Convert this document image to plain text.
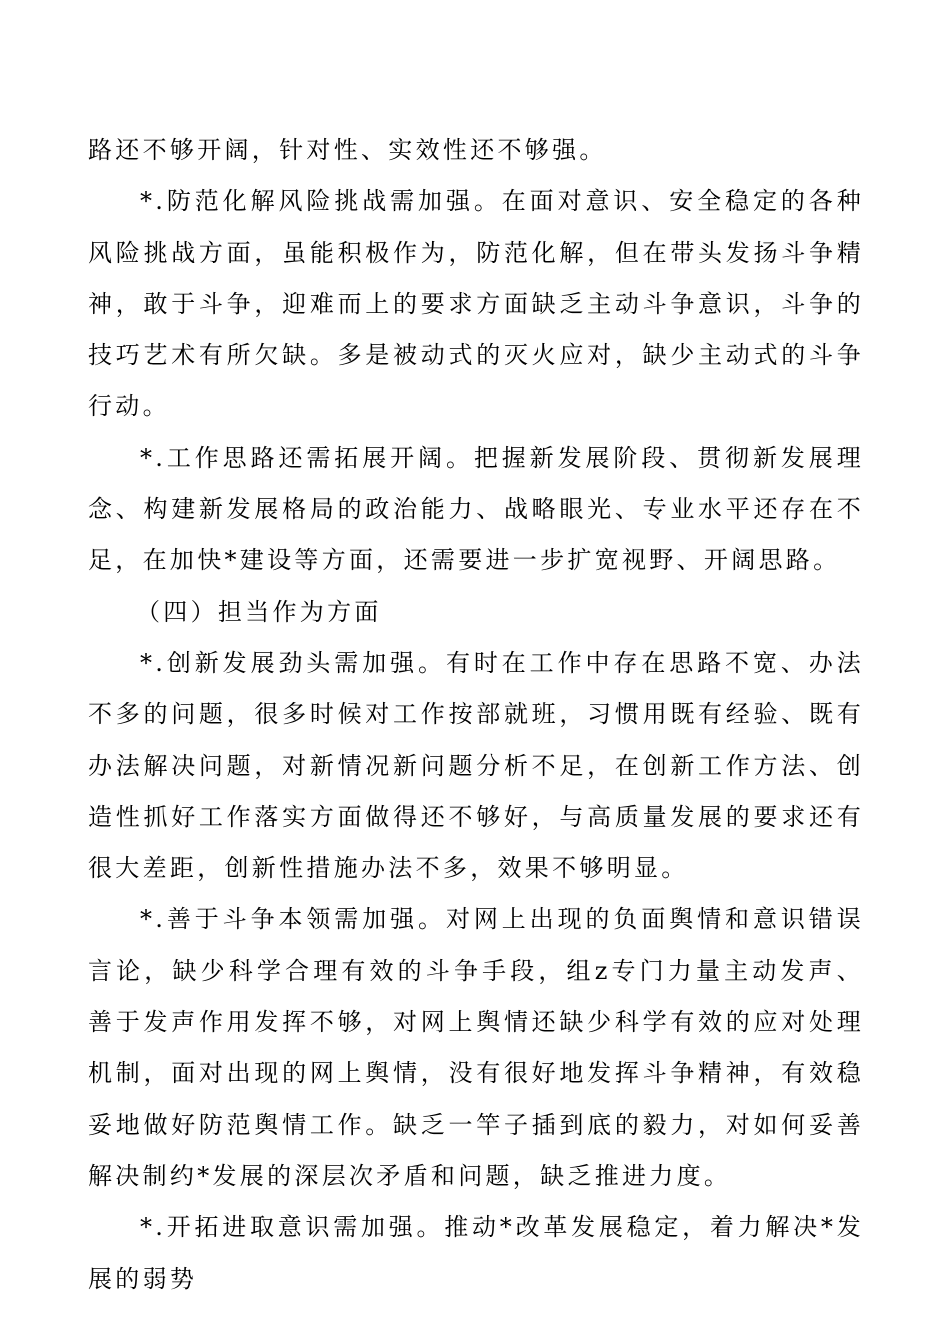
路还不够开阔，针对性、实效性还不够强。

*.防范化解风险挑战需加强。在面对意识、安全稳定的各种风险挑战方面，虽能积极作为，防范化解，但在带头发扬斗争精神，敢于斗争，迎难而上的要求方面缺乏主动斗争意识，斗争的技巧艺术有所欠缺。多是被动式的灭火应对，缺少主动式的斗争行动。

*.工作思路还需拓展开阔。把握新发展阶段、贯彻新发展理念、构建新发展格局的政治能力、战略眼光、专业水平还存在不足，在加快*建设等方面，还需要进一步扩宽视野、开阔思路。

（四）担当作为方面

*.创新发展劲头需加强。有时在工作中存在思路不宽、办法不多的问题，很多时候对工作按部就班，习惯用既有经验、既有办法解决问题，对新情况新问题分析不足，在创新工作方法、创造性抓好工作落实方面做得还不够好，与高质量发展的要求还有很大差距，创新性措施办法不多，效果不够明显。

*.善于斗争本领需加强。对网上出现的负面舆情和意识错误言论，缺少科学合理有效的斗争手段，组z专门力量主动发声、善于发声作用发挥不够，对网上舆情还缺少科学有效的应对处理机制，面对出现的网上舆情，没有很好地发挥斗争精神，有效稳妥地做好防范舆情工作。缺乏一竿子插到底的毅力，对如何妥善解决制约*发展的深层次矛盾和问题，缺乏推进力度。

*.开拓进取意识需加强。推动*改革发展稳定，着力解决*发展的弱势
